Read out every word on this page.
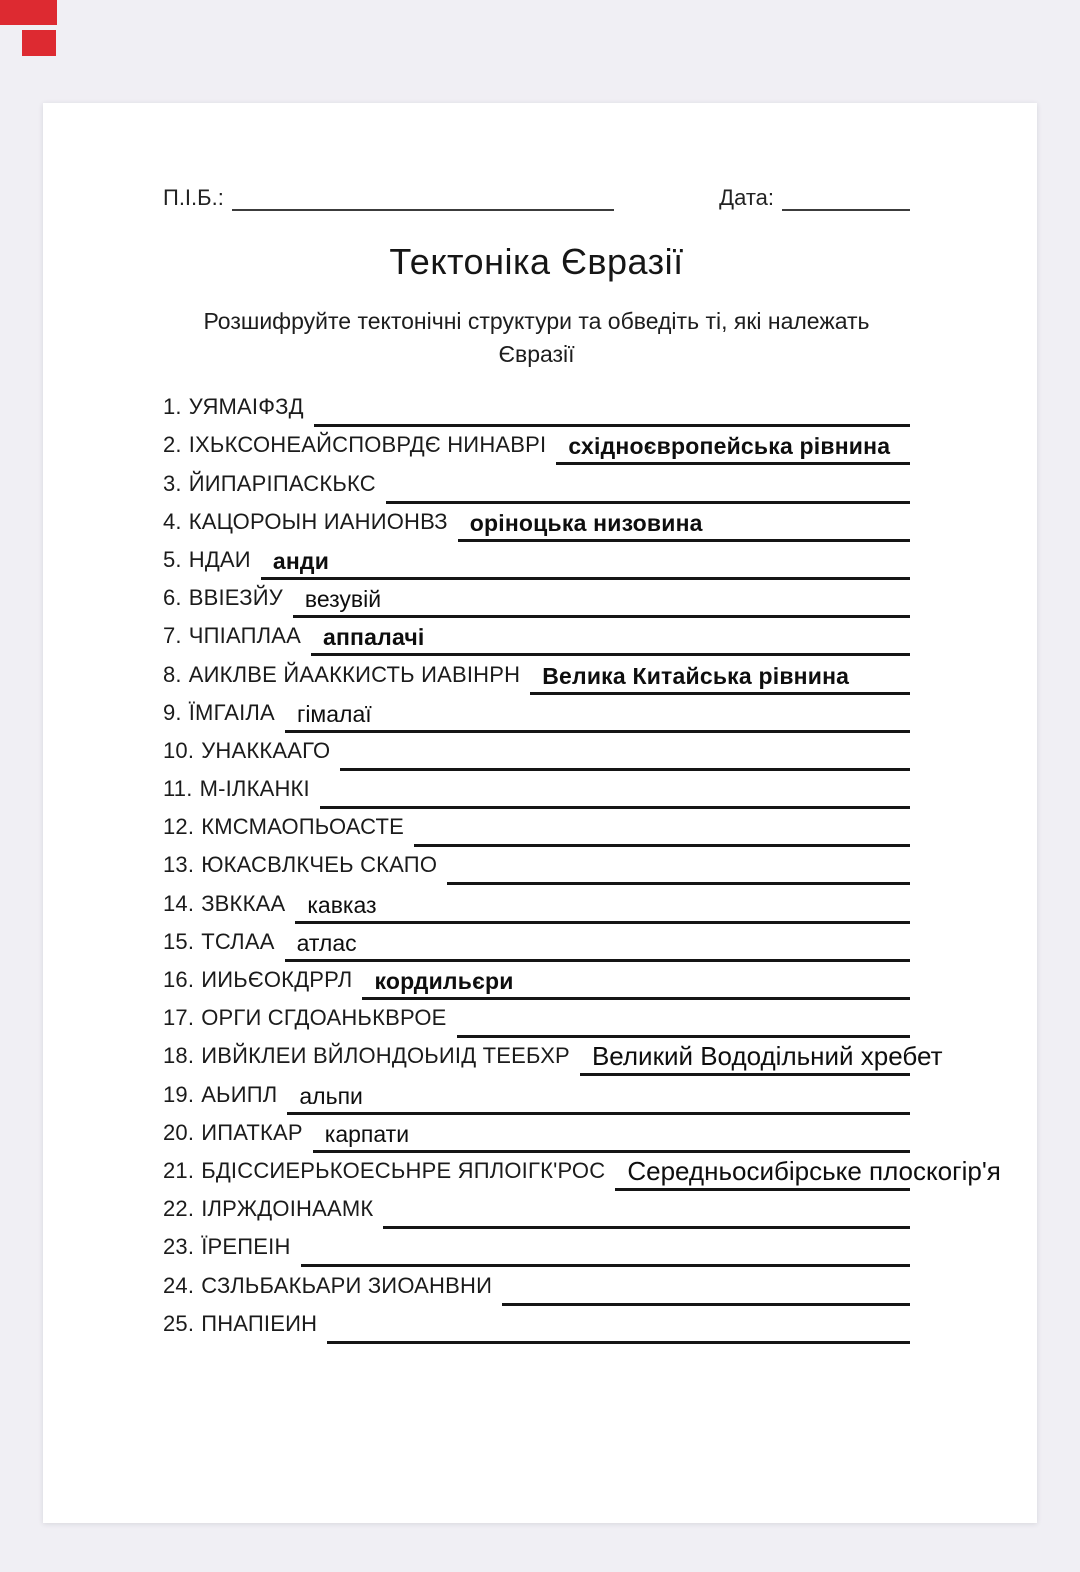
П.І.Б.:	Дата:
Тектоніка Євразії
Розшифруйте тектонічні структури та обведіть ті, які належать Євразії
1. УЯМАІФЗД
2. ІХЬКСОНЕАЙСПОВРДЄ НИНАВРІ східноєвропейська рівнина
3. ЙИПАРІПАСКЬКС
4. КАЦОРОЫН ИАНИОНВЗ оріноцька низовина
5. НДАИ анди
6. ВВІЕЗЙУ везувій
7. ЧПІАПЛАА аппалачі
8. АИКЛВЕ ЙААККИСТЬ ИАВІНРН Велика Китайська рівнина
9. ЇМГАІЛА гімалаї
10. УНАККААГО
11. М-ІЛКАНКІ
12. КМСМАОПЬОАСТЕ
13. ЮКАСВЛКЧЕЬ СКАПО
14. ЗВККАА кавказ
15. ТСЛАА атлас
16. ИИЬЄОКДРРЛ кордильєри
17. ОРГИ СГДОАНЬКВРОЕ
18. ИВЙКЛЕИ ВЙЛОНДОЬИІД ТЕЕБХР Великий Вододільний хребет
19. АЬИПЛ альпи
20. ИПАТКАР карпати
21. БДІССИЕРЬКОЕСЬНРЕ ЯПЛОІГК'РОС Середньосибірське плоскогір'я
22. ІЛРЖДОІНААМК
23. ЇРЕПЕІН
24. СЗЛЬБАКЬАРИ ЗИОАНВНИ
25. ПНАПІЕИН
